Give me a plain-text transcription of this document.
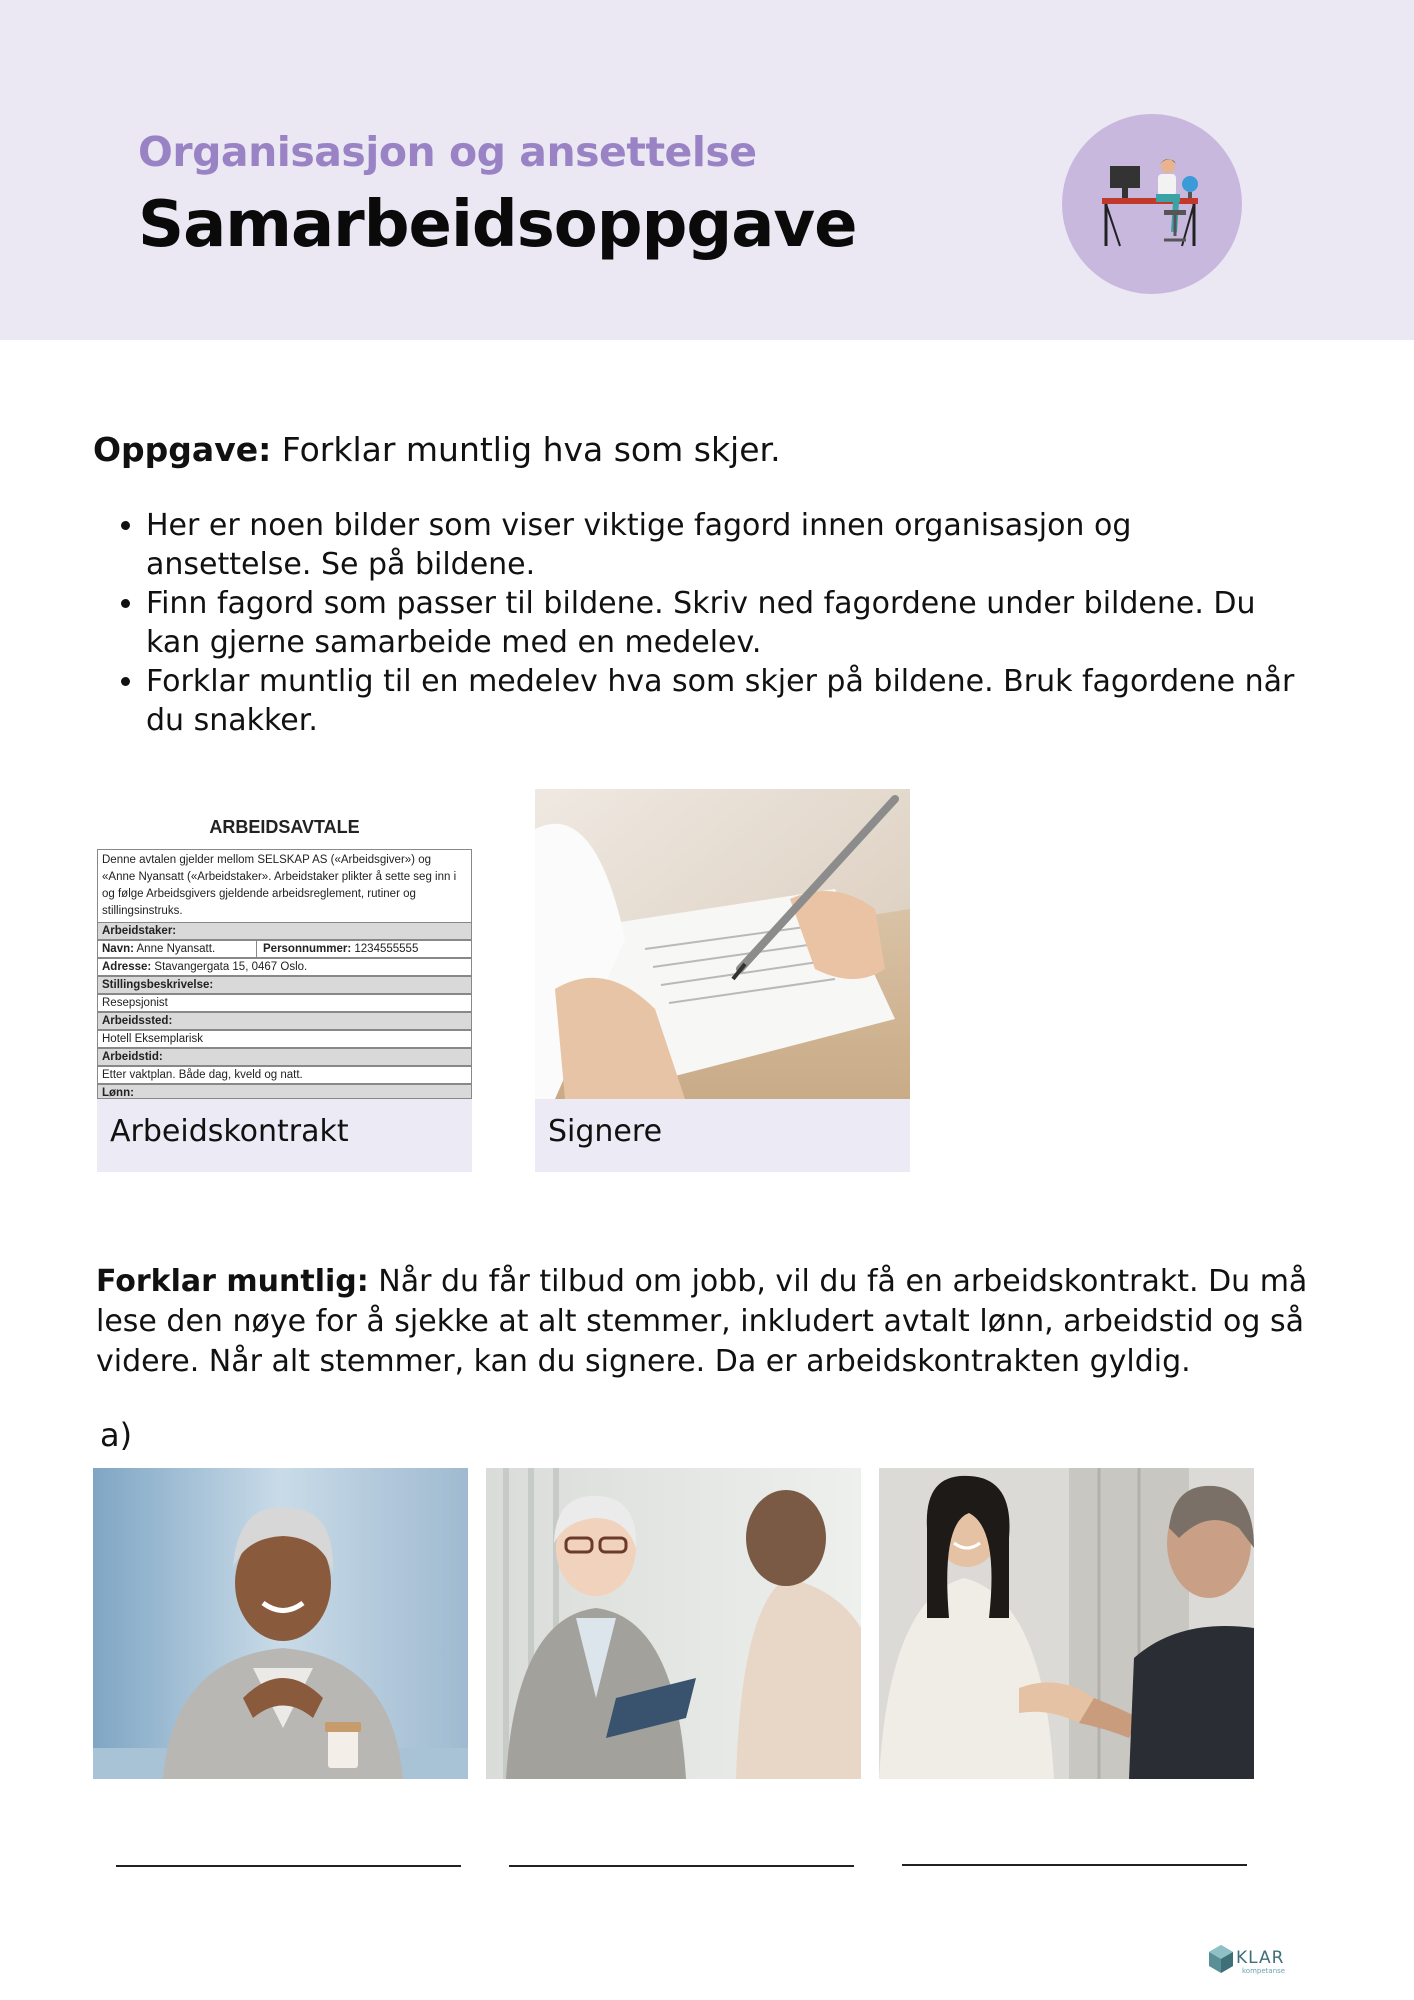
Organisasjon og ansettelse
Samarbeidsoppgave
Oppgave: Forklar muntlig hva som skjer.
• Her er noen bilder som viser viktige fagord innen organisasjon og ansettelse. Se på bildene.
• Finn fagord som passer til bildene. Skriv ned fagordene under bildene. Du kan gjerne samarbeide med en medelev.
• Forklar muntlig til en medelev hva som skjer på bildene. Bruk fagordene når du snakker.
ARBEIDSAVTALE
Denne avtalen gjelder mellom SELSKAP AS («Arbeidsgiver») og «Anne Nyansatt («Arbeidstaker». Arbeidstaker plikter å sette seg inn i og følge Arbeidsgivers gjeldende arbeidsreglement, rutiner og stillingsinstruks.
Arbeidstaker:
Navn: Anne Nyansatt.	Personnummer: 1234555555
Adresse: Stavangergata 15, 0467 Oslo.
Stillingsbeskrivelse:
Resepsjonist
Arbeidssted:
Hotell Eksemplarisk
Arbeidstid:
Etter vaktplan. Både dag, kveld og natt.
Lønn:
Arbeidskontrakt	Signere
Forklar muntlig: Når du får tilbud om jobb, vil du få en arbeidskontrakt. Du må lese den nøye for å sjekke at alt stemmer, inkludert avtalt lønn, arbeidstid og så videre. Når alt stemmer, kan du signere. Da er arbeidskontrakten gyldig.
a)
KLAR
kompetanse
